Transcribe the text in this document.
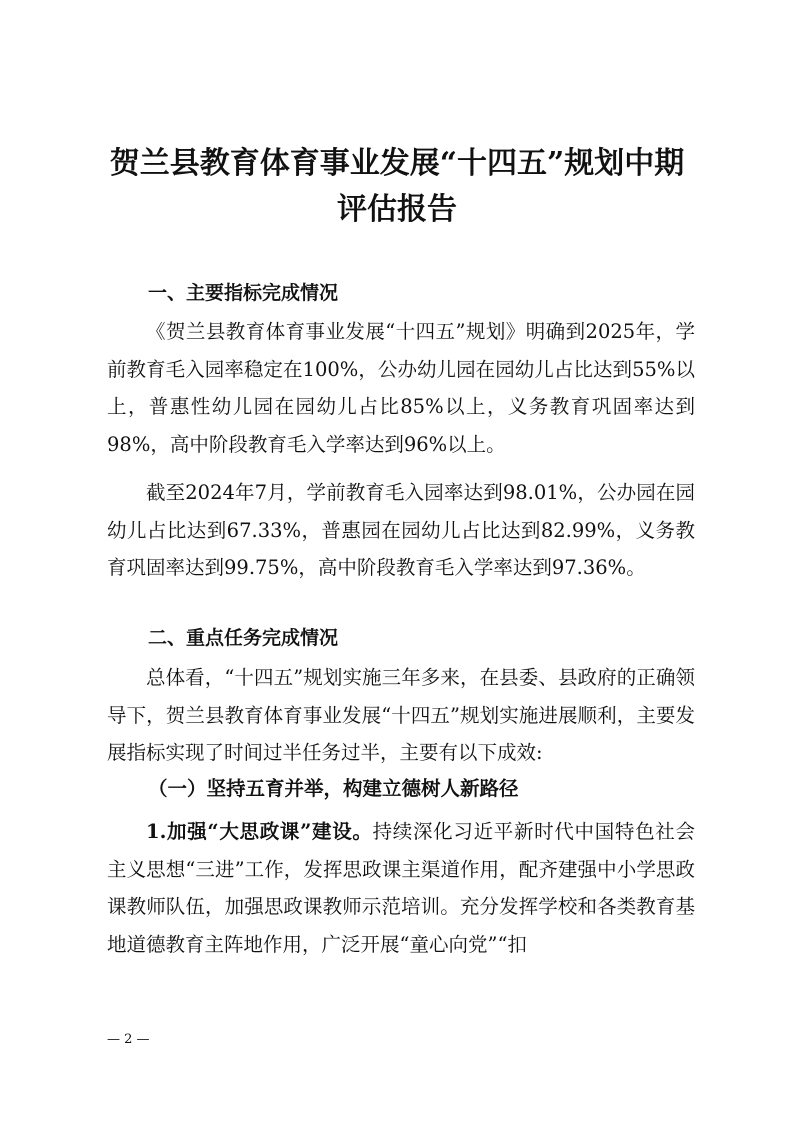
贺兰县教育体育事业发展“十四五”规划中期
评估报告
一、主要指标完成情况

《贺兰县教育体育事业发展“十四五”规划》明确到2025年，学前教育毛入园率稳定在100%，公办幼儿园在园幼儿占比达到55%以上，普惠性幼儿园在园幼儿占比85%以上，义务教育巩固率达到98%，高中阶段教育毛入学率达到96%以上。

截至2024年7月，学前教育毛入园率达到98.01%，公办园在园幼儿占比达到67.33%，普惠园在园幼儿占比达到82.99%，义务教育巩固率达到99.75%，高中阶段教育毛入学率达到97.36%。

二、重点任务完成情况

总体看，“十四五”规划实施三年多来，在县委、县政府的正确领导下，贺兰县教育体育事业发展“十四五”规划实施进展顺利，主要发展指标实现了时间过半任务过半，主要有以下成效:

（一）坚持五育并举，构建立德树人新路径

1.加强“大思政课”建设。持续深化习近平新时代中国特色社会主义思想“三进”工作，发挥思政课主渠道作用，配齐建强中小学思政课教师队伍，加强思政课教师示范培训。充分发挥学校和各类教育基地道德教育主阵地作用，广泛开展“童心向党”“扣

— 2 —
